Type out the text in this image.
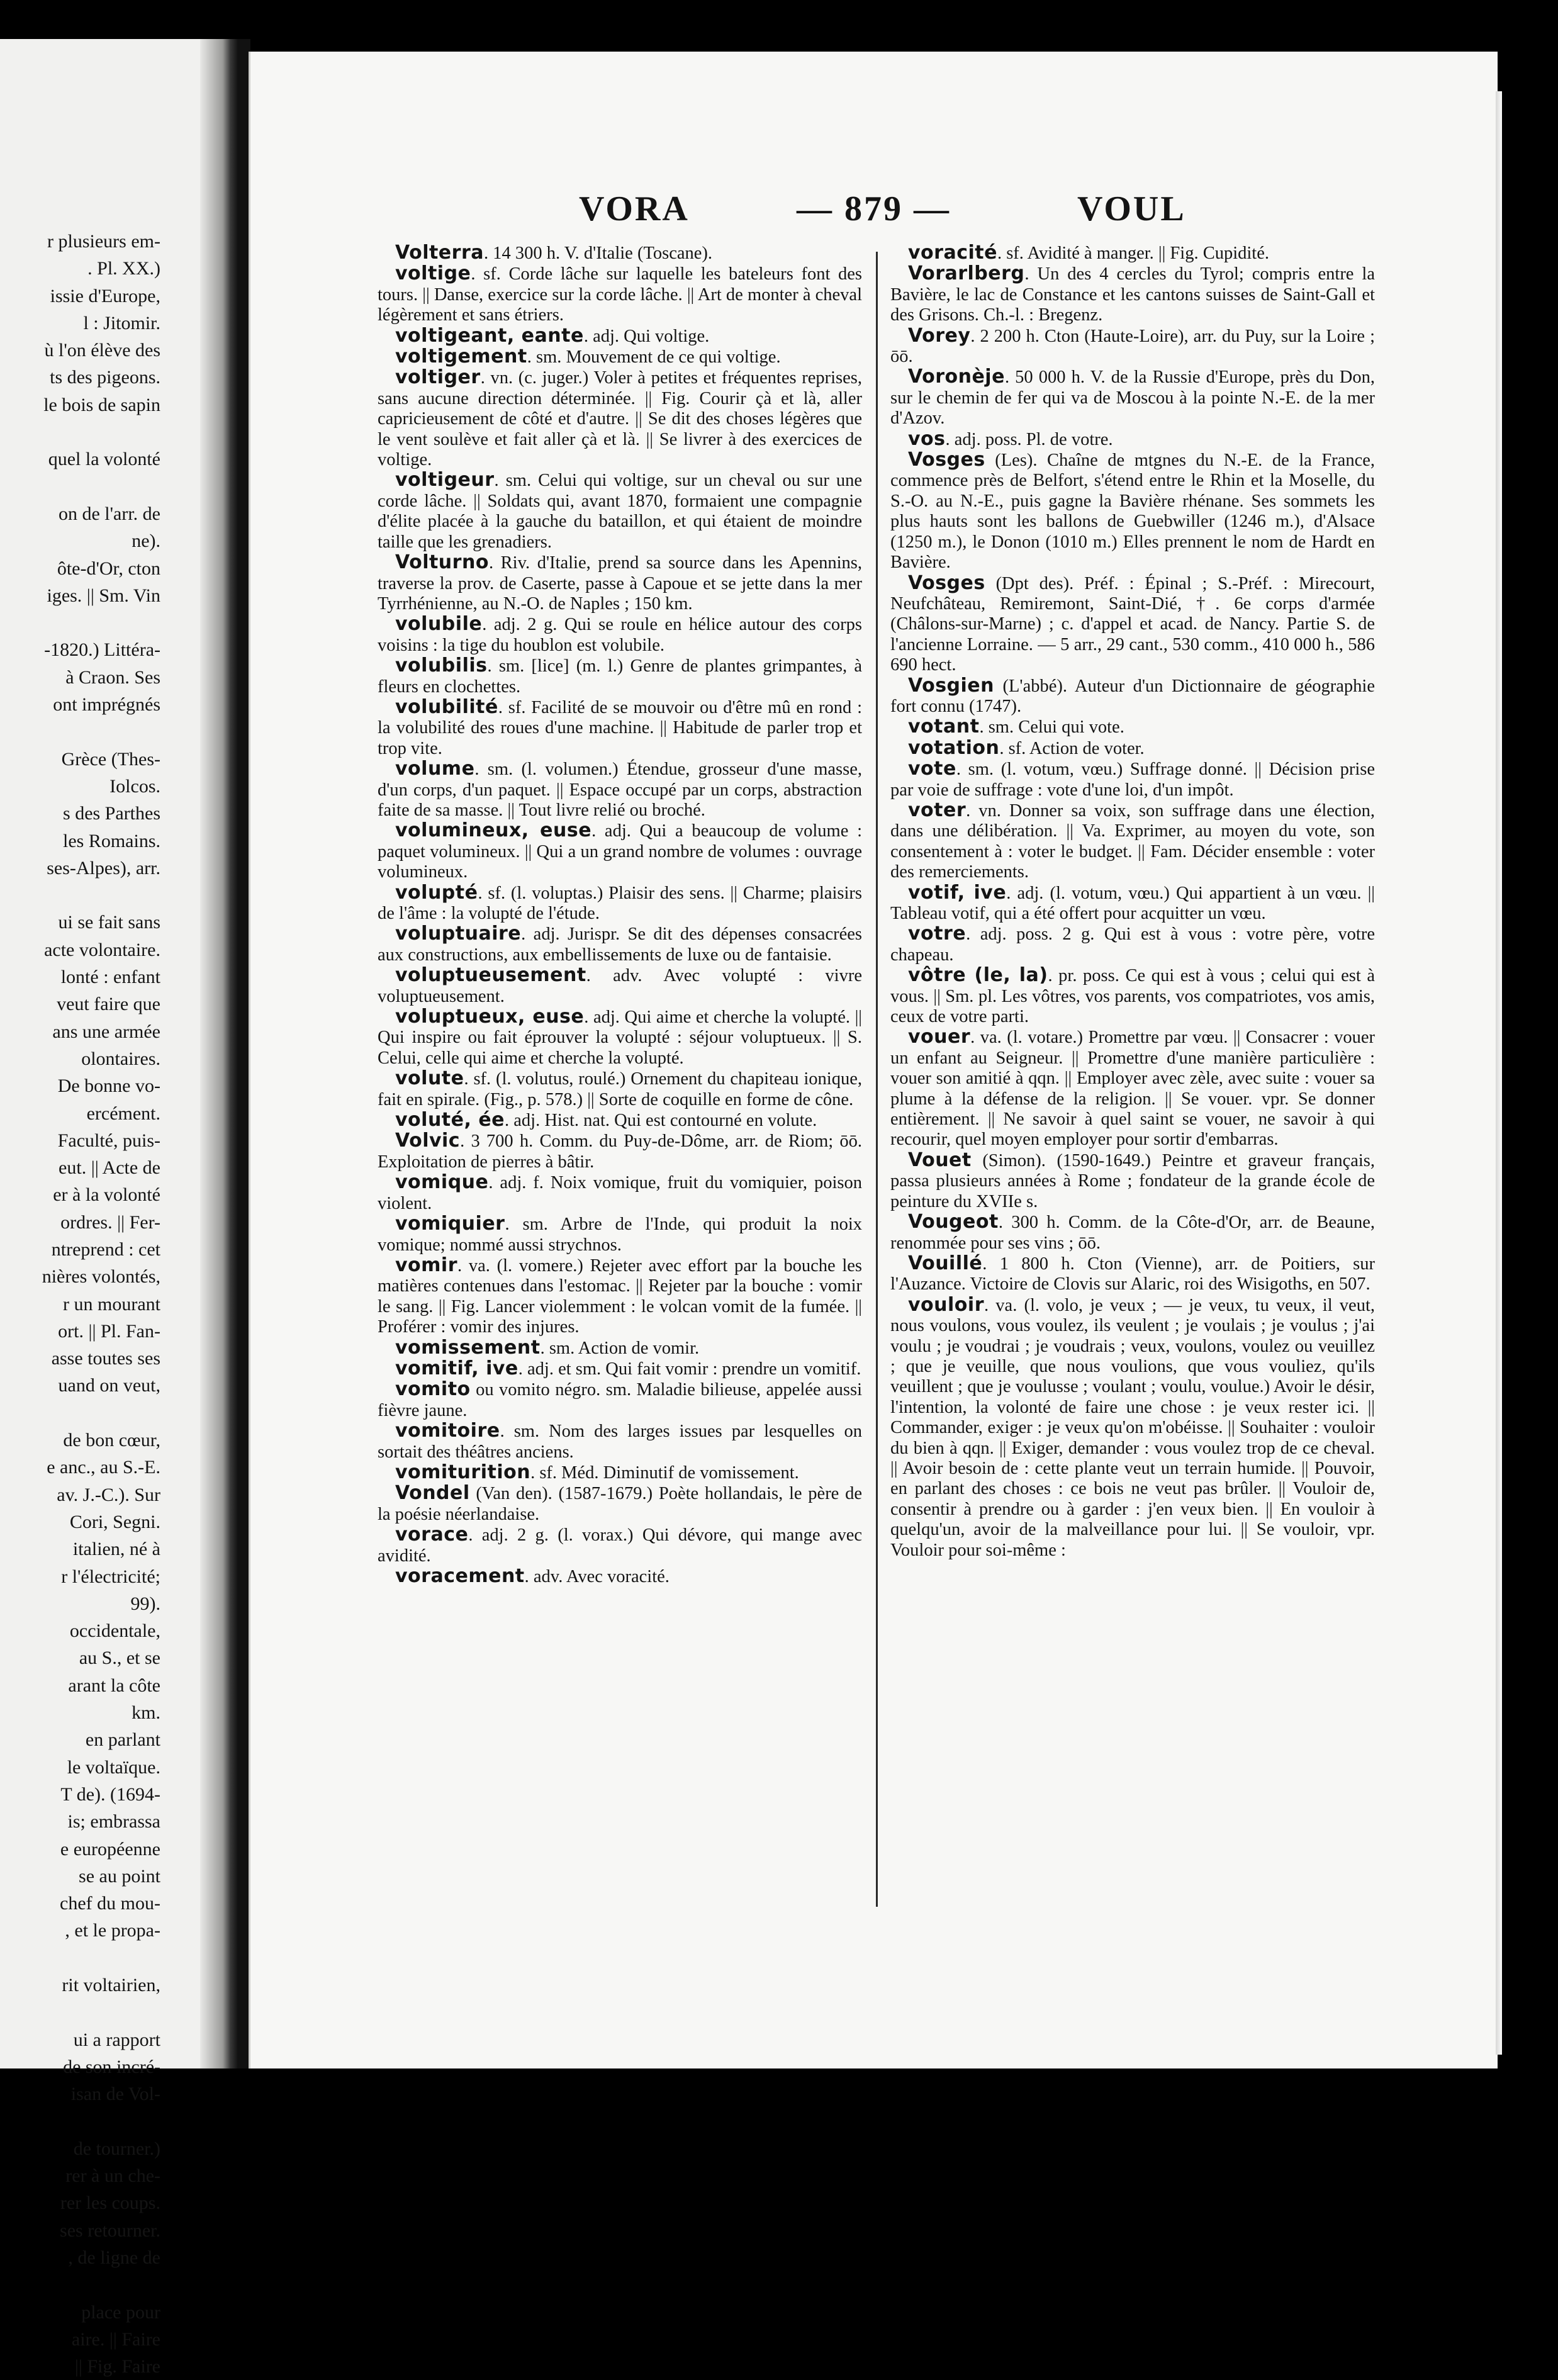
r plusieurs em-
. Pl. XX.)
issie d'Europe,
l : Jitomir.
ù l'on élève des
ts des pigeons.
le bois de sapin

quel la volonté

on de l'arr. de
ne).
ôte-d'Or, cton
iges. || Sm. Vin

-1820.) Littéra-
à Craon. Ses
ont imprégnés

Grèce (Thes-
Iolcos.
s des Parthes
les Romains.
ses-Alpes), arr.

ui se fait sans
acte volontaire.
lonté : enfant
veut faire que
ans une armée
olontaires.
De bonne vo-
ercément.
Faculté, puis-
eut. || Acte de
er à la volonté
ordres. || Fer-
ntreprend : cet
nières volontés,
r un mourant
ort. || Pl. Fan-
asse toutes ses
uand on veut,

de bon cœur,
e anc., au S.-E.
av. J.-C.). Sur
Cori, Segni.
italien, né à
r l'électricité;
99).
occidentale,
au S., et se
arant la côte
km.
en parlant
le voltaïque.
T de). (1694-
is; embrassa
e européenne
se au point
chef du mou-
, et le propa-

rit voltairien,

ui a rapport
de son incré-
isan de Vol-

de tourner.)
rer à un che-
rer les coups.
ses retourner.
, de ligne de

place pour
aire. || Faire
|| Fig. Faire
VORA	— 879 —	VOUL

Volterra. 14 300 h. V. d'Italie (Toscane).

voltige. sf. Corde lâche sur laquelle les bateleurs font des tours. || Danse, exercice sur la corde lâche. || Art de monter à cheval légèrement et sans étriers.

voltigeant, eante. adj. Qui voltige.

voltigement. sm. Mouvement de ce qui voltige.

voltiger. vn. (c. juger.) Voler à petites et fréquentes reprises, sans aucune direction déterminée. || Fig. Courir çà et là, aller capricieusement de côté et d'autre. || Se dit des choses légères que le vent soulève et fait aller çà et là. || Se livrer à des exercices de voltige.

voltigeur. sm. Celui qui voltige, sur un cheval ou sur une corde lâche. || Soldats qui, avant 1870, formaient une compagnie d'élite placée à la gauche du bataillon, et qui étaient de moindre taille que les grenadiers.

Volturno. Riv. d'Italie, prend sa source dans les Apennins, traverse la prov. de Caserte, passe à Capoue et se jette dans la mer Tyrrhénienne, au N.-O. de Naples ; 150 km.

volubile. adj. 2 g. Qui se roule en hélice autour des corps voisins : la tige du houblon est volubile.

volubilis. sm. [lice] (m. l.) Genre de plantes grimpantes, à fleurs en clochettes.

volubilité. sf. Facilité de se mouvoir ou d'être mû en rond : la volubilité des roues d'une machine. || Habitude de parler trop et trop vite.

volume. sm. (l. volumen.) Étendue, grosseur d'une masse, d'un corps, d'un paquet. || Espace occupé par un corps, abstraction faite de sa masse. || Tout livre relié ou broché.

volumineux, euse. adj. Qui a beaucoup de volume : paquet volumineux. || Qui a un grand nombre de volumes : ouvrage volumineux.

volupté. sf. (l. voluptas.) Plaisir des sens. || Charme; plaisirs de l'âme : la volupté de l'étude.

voluptuaire. adj. Jurispr. Se dit des dépenses consacrées aux constructions, aux embellissements de luxe ou de fantaisie.

voluptueusement. adv. Avec volupté : vivre voluptueusement.

voluptueux, euse. adj. Qui aime et cherche la volupté. || Qui inspire ou fait éprouver la volupté : séjour voluptueux. || S. Celui, celle qui aime et cherche la volupté.

volute. sf. (l. volutus, roulé.) Ornement du chapiteau ionique, fait en spirale. (Fig., p. 578.) || Sorte de coquille en forme de cône.

voluté, ée. adj. Hist. nat. Qui est contourné en volute.

Volvic. 3 700 h. Comm. du Puy-de-Dôme, arr. de Riom; ōō. Exploitation de pierres à bâtir.

vomique. adj. f. Noix vomique, fruit du vomiquier, poison violent.

vomiquier. sm. Arbre de l'Inde, qui produit la noix vomique; nommé aussi strychnos.

vomir. va. (l. vomere.) Rejeter avec effort par la bouche les matières contenues dans l'estomac. || Rejeter par la bouche : vomir le sang. || Fig. Lancer violemment : le volcan vomit de la fumée. || Proférer : vomir des injures.

vomissement. sm. Action de vomir.

vomitif, ive. adj. et sm. Qui fait vomir : prendre un vomitif.

vomito ou vomito négro. sm. Maladie bilieuse, appelée aussi fièvre jaune.

vomitoire. sm. Nom des larges issues par lesquelles on sortait des théâtres anciens.

vomiturition. sf. Méd. Diminutif de vomissement.

Vondel (Van den). (1587-1679.) Poète hollandais, le père de la poésie néerlandaise.

vorace. adj. 2 g. (l. vorax.) Qui dévore, qui mange avec avidité.

voracement. adv. Avec voracité.

voracité. sf. Avidité à manger. || Fig. Cupidité.

Vorarlberg. Un des 4 cercles du Tyrol; compris entre la Bavière, le lac de Constance et les cantons suisses de Saint-Gall et des Grisons. Ch.-l. : Bregenz.

Vorey. 2 200 h. Cton (Haute-Loire), arr. du Puy, sur la Loire ; ōō.

Voronèje. 50 000 h. V. de la Russie d'Europe, près du Don, sur le chemin de fer qui va de Moscou à la pointe N.-E. de la mer d'Azov.

vos. adj. poss. Pl. de votre.

Vosges (Les). Chaîne de mtgnes du N.-E. de la France, commence près de Belfort, s'étend entre le Rhin et la Moselle, du S.-O. au N.-E., puis gagne la Bavière rhénane. Ses sommets les plus hauts sont les ballons de Guebwiller (1246 m.), d'Alsace (1250 m.), le Donon (1010 m.) Elles prennent le nom de Hardt en Bavière.

Vosges (Dpt des). Préf. : Épinal ; S.-Préf. : Mirecourt, Neufchâteau, Remiremont, Saint-Dié, †. 6e corps d'armée (Châlons-sur-Marne) ; c. d'appel et acad. de Nancy. Partie S. de l'ancienne Lorraine. — 5 arr., 29 cant., 530 comm., 410 000 h., 586 690 hect.

Vosgien (L'abbé). Auteur d'un Dictionnaire de géographie fort connu (1747).

votant. sm. Celui qui vote.

votation. sf. Action de voter.

vote. sm. (l. votum, vœu.) Suffrage donné. || Décision prise par voie de suffrage : vote d'une loi, d'un impôt.

voter. vn. Donner sa voix, son suffrage dans une élection, dans une délibération. || Va. Exprimer, au moyen du vote, son consentement à : voter le budget. || Fam. Décider ensemble : voter des remerciements.

votif, ive. adj. (l. votum, vœu.) Qui appartient à un vœu. || Tableau votif, qui a été offert pour acquitter un vœu.

votre. adj. poss. 2 g. Qui est à vous : votre père, votre chapeau.

vôtre (le, la). pr. poss. Ce qui est à vous ; celui qui est à vous. || Sm. pl. Les vôtres, vos parents, vos compatriotes, vos amis, ceux de votre parti.

vouer. va. (l. votare.) Promettre par vœu. || Consacrer : vouer un enfant au Seigneur. || Promettre d'une manière particulière : vouer son amitié à qqn. || Employer avec zèle, avec suite : vouer sa plume à la défense de la religion. || Se vouer. vpr. Se donner entièrement. || Ne savoir à quel saint se vouer, ne savoir à qui recourir, quel moyen employer pour sortir d'embarras.

Vouet (Simon). (1590-1649.) Peintre et graveur français, passa plusieurs années à Rome ; fondateur de la grande école de peinture du XVIIe s.

Vougeot. 300 h. Comm. de la Côte-d'Or, arr. de Beaune, renommée pour ses vins ; ōō.

Vouillé. 1 800 h. Cton (Vienne), arr. de Poitiers, sur l'Auzance. Victoire de Clovis sur Alaric, roi des Wisigoths, en 507.

vouloir. va. (l. volo, je veux ; — je veux, tu veux, il veut, nous voulons, vous voulez, ils veulent ; je voulais ; je voulus ; j'ai voulu ; je voudrai ; je voudrais ; veux, voulons, voulez ou veuillez ; que je veuille, que nous voulions, que vous vouliez, qu'ils veuillent ; que je voulusse ; voulant ; voulu, voulue.) Avoir le désir, l'intention, la volonté de faire une chose : je veux rester ici. || Commander, exiger : je veux qu'on m'obéisse. || Souhaiter : vouloir du bien à qqn. || Exiger, demander : vous voulez trop de ce cheval. || Avoir besoin de : cette plante veut un terrain humide. || Pouvoir, en parlant des choses : ce bois ne veut pas brûler. || Vouloir de, consentir à prendre ou à garder : j'en veux bien. || En vouloir à quelqu'un, avoir de la malveillance pour lui. || Se vouloir, vpr. Vouloir pour soi-même :
